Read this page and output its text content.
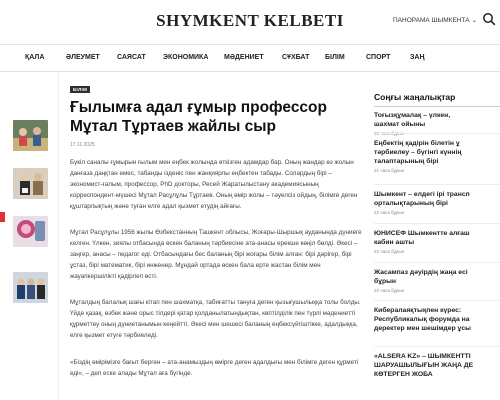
SHYMKENT KELBETI	ПАНОРАМА ШЫМКЕНТА ⌄
ҚАЛА	ӘЛЕУМЕТ САЯСАТ ЭКОНОМИКА МӘДЕНИЕТ	СҰХБАТ БІЛІМ	СПОРТ	ЗАҢ
БІЛІМ
Ғылымға адал ғұмыр профессор Мұтал Тұртаев жайлы сыр
17.11.2025

Бүкіл саналы ғұмырын ғылым мен еңбек жолында өткізген адамдар бар. Оның жандар өз жолын данғаза даңқтан емес, табанды ізденіс пен жанқиярлы еңбектен табады. Солардың бірі – экономист-ғалым, профессор, PhD докторы, Ресей Жаратылыстану академиясының корреспондент-мүшесі Мұтал Расұлұлы Тұртаев. Оның өмір жолы – тәуелсіз ойдың, білімге деген құштарлықтың және туған елге адал қызмет етудің айғағы.

Мұтал Расұлұлы 1956 жылы Өзбекстанның Ташкент облысы, Жоғары-Шыршық ауданында дүниеге келген. Үлкен, зиялы отбасында өскен баланың тәрбиесіне ата-анасы ерекше көңіл бөлді. Әкесі – заңгер, анасы – педагог еді. Отбасындағы бес баланың бірі жоғары білім алған: бірі дәрігер, бірі ұстаз, бірі математик, бірі инженер. Мұндай ортада өскен бала ерте жастан білім мен жауапкершілікті қадірлеп өсті.

Мұталдың балалық шағы кітап пен шахматқа, табиғатты тануға деген қызығушылыққа толы болды. Үйде қазақ, өзбек және орыс тілдері қатар қолданылатындықтан, көптілділік пен түрлі мәдениетті құрметтеу оның дүниетанымын кеңейтті. Әкесі мен шешесі баланың еңбексүйгіштікке, адалдыққа, елге қызмет етуге тәрбиеледі.

«Біздің өмірімізге бағыт берген – ата-анамыздың өмірге деген адалдығы мен білімге деген құрметі еді», – деп еске алады Мұтал аға бүгінде.

Соңғы жаңалықтар
Тоғызқұмалақ – үлкен,
шахмат ойыны
Еңбектің қадірін білетін ұ
тәрбиелеу – бүгінгі күннің
талаптарының бірі
21 часа бұрын
Шымкент – елдегі ірі трансп
орталықтарының бірі
22 часа бұрын
ЮНИСЕФ Шымкентте алғаш
кабин ашты
22 часа бұрын
Жасампаз дәуірдің жаңа есі
бұрын
22 часа бұрын
Кибералаяқтықпен күрес:
Республикалық форумда на
деректер мен шешімдер ұсы
«ALSERA KZ» – ШЫМКЕНТТІ
ШАРУАШЫЛЫҒЫН ЖАҢА ДЕ
КӨТЕРГЕН ЖОБА
